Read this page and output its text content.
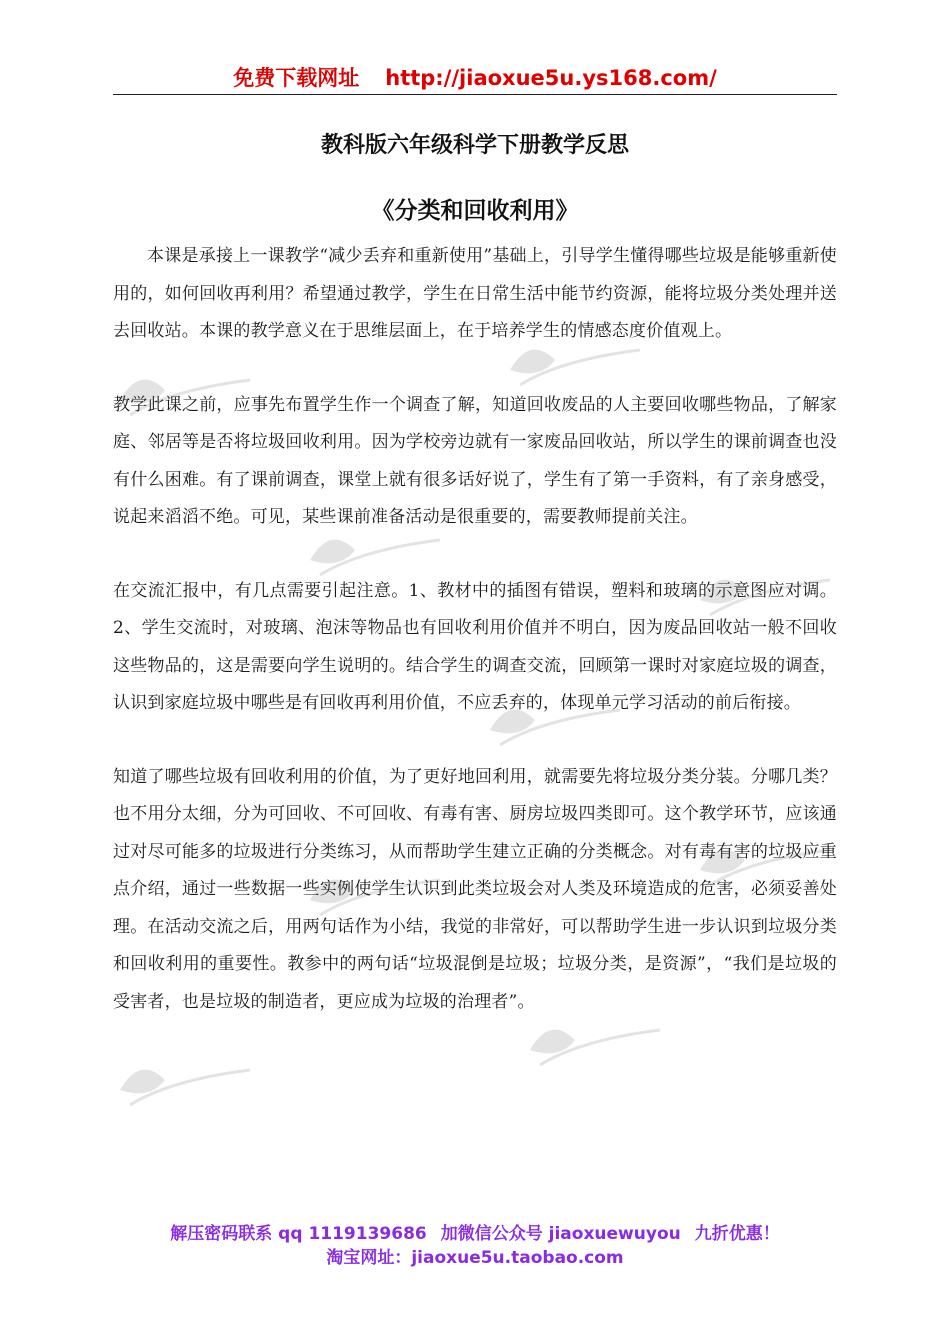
免费下载网址 http://jiaoxue5u.ys168.com/
教科版六年级科学下册教学反思
《分类和回收利用》

本课是承接上一课教学“减少丢弃和重新使用”基础上，引导学生懂得哪些垃圾是能够重新使用的，如何回收再利用？希望通过教学，学生在日常生活中能节约资源，能将垃圾分类处理并送去回收站。本课的教学意义在于思维层面上，在于培养学生的情感态度价值观上。

教学此课之前，应事先布置学生作一个调查了解，知道回收废品的人主要回收哪些物品，了解家庭、邻居等是否将垃圾回收利用。因为学校旁边就有一家废品回收站，所以学生的课前调查也没有什么困难。有了课前调查，课堂上就有很多话好说了，学生有了第一手资料，有了亲身感受，说起来滔滔不绝。可见，某些课前准备活动是很重要的，需要教师提前关注。

在交流汇报中，有几点需要引起注意。1、教材中的插图有错误，塑料和玻璃的示意图应对调。2、学生交流时，对玻璃、泡沫等物品也有回收利用价值并不明白，因为废品回收站一般不回收这些物品的，这是需要向学生说明的。结合学生的调查交流，回顾第一课时对家庭垃圾的调查，认识到家庭垃圾中哪些是有回收再利用价值，不应丢弃的，体现单元学习活动的前后衔接。

知道了哪些垃圾有回收利用的价值，为了更好地回利用，就需要先将垃圾分类分装。分哪几类？也不用分太细，分为可回收、不可回收、有毒有害、厨房垃圾四类即可。这个教学环节，应该通过对尽可能多的垃圾进行分类练习，从而帮助学生建立正确的分类概念。对有毒有害的垃圾应重点介绍，通过一些数据一些实例使学生认识到此类垃圾会对人类及环境造成的危害，必须妥善处理。在活动交流之后，用两句话作为小结，我觉的非常好，可以帮助学生进一步认识到垃圾分类和回收利用的重要性。教参中的两句话“垃圾混倒是垃圾；垃圾分类，是资源”，“我们是垃圾的受害者，也是垃圾的制造者，更应成为垃圾的治理者”。

解压密码联系 qq 1119139686 加微信公众号 jiaoxuewuyou 九折优惠！
淘宝网址：jiaoxue5u.taobao.com
